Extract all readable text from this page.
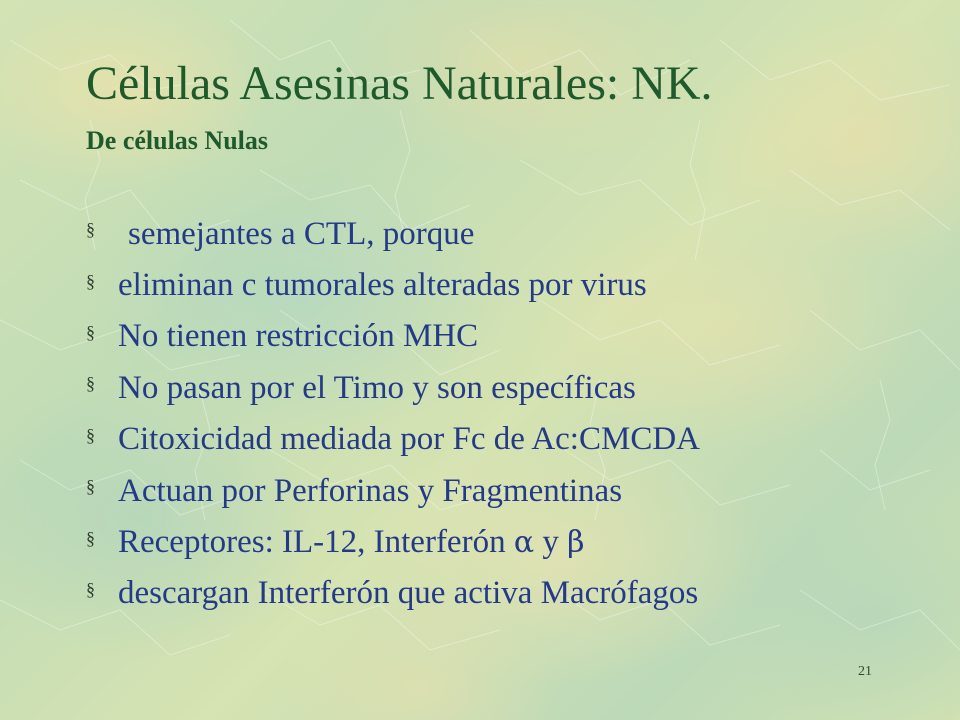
Células Asesinas Naturales: NK.
De células Nulas
§	semejantes a CTL, porque
§ eliminan c tumorales alteradas por virus
§ No tienen restricción MHC
§ No pasan por el Timo y son específicas
§ Citoxicidad mediada por Fc de Ac:CMCDA
§ Actuan por Perforinas y Fragmentinas
§ Receptores: IL-12, Interferón α y β
§ descargan Interferón que activa Macrófagos
21
